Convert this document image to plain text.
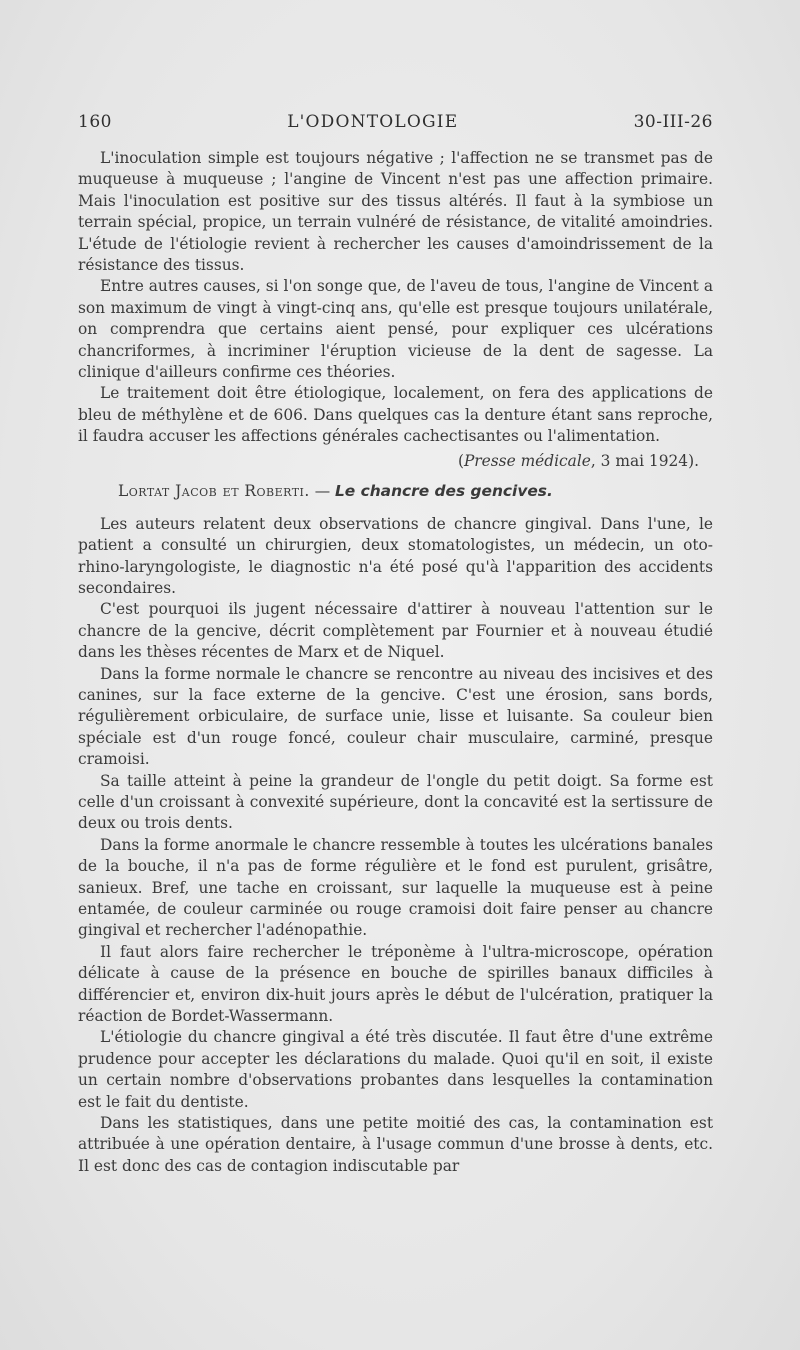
160	L'ODONTOLOGIE	30-III-26

L'inoculation simple est toujours négative ; l'affection ne se transmet pas de muqueuse à muqueuse ; l'angine de Vincent n'est pas une affection primaire. Mais l'inoculation est positive sur des tissus altérés. Il faut à la symbiose un terrain spécial, propice, un terrain vulnéré de résistance, de vitalité amoindries. L'étude de l'étiologie revient à rechercher les causes d'amoindrissement de la résistance des tissus.

Entre autres causes, si l'on songe que, de l'aveu de tous, l'angine de Vincent a son maximum de vingt à vingt-cinq ans, qu'elle est presque toujours unilatérale, on comprendra que certains aient pensé, pour expliquer ces ulcérations chancriformes, à incriminer l'éruption vicieuse de la dent de sagesse. La clinique d'ailleurs confirme ces théories.

Le traitement doit être étiologique, localement, on fera des applications de bleu de méthylène et de 606. Dans quelques cas la denture étant sans reproche, il faudra accuser les affections générales cachectisantes ou l'alimentation.

(Presse médicale, 3 mai 1924).
Lortat Jacob et Roberti. — Le chancre des gencives.

Les auteurs relatent deux observations de chancre gingival. Dans l'une, le patient a consulté un chirurgien, deux stomatologistes, un médecin, un oto-rhino-laryngologiste, le diagnostic n'a été posé qu'à l'apparition des accidents secondaires.

C'est pourquoi ils jugent nécessaire d'attirer à nouveau l'attention sur le chancre de la gencive, décrit complètement par Fournier et à nouveau étudié dans les thèses récentes de Marx et de Niquel.

Dans la forme normale le chancre se rencontre au niveau des incisives et des canines, sur la face externe de la gencive. C'est une érosion, sans bords, régulièrement orbiculaire, de surface unie, lisse et luisante. Sa couleur bien spéciale est d'un rouge foncé, couleur chair musculaire, carminé, presque cramoisi.

Sa taille atteint à peine la grandeur de l'ongle du petit doigt. Sa forme est celle d'un croissant à convexité supérieure, dont la concavité est la sertissure de deux ou trois dents.

Dans la forme anormale le chancre ressemble à toutes les ulcérations banales de la bouche, il n'a pas de forme régulière et le fond est purulent, grisâtre, sanieux. Bref, une tache en croissant, sur laquelle la muqueuse est à peine entamée, de couleur carminée ou rouge cramoisi doit faire penser au chancre gingival et rechercher l'adénopathie.

Il faut alors faire rechercher le tréponème à l'ultra-microscope, opération délicate à cause de la présence en bouche de spirilles banaux difficiles à différencier et, environ dix-huit jours après le début de l'ulcération, pratiquer la réaction de Bordet-Wassermann.

L'étiologie du chancre gingival a été très discutée. Il faut être d'une extrême prudence pour accepter les déclarations du malade. Quoi qu'il en soit, il existe un certain nombre d'observations probantes dans lesquelles la contamination est le fait du dentiste.

Dans les statistiques, dans une petite moitié des cas, la contamination est attribuée à une opération dentaire, à l'usage commun d'une brosse à dents, etc. Il est donc des cas de contagion indiscutable par
